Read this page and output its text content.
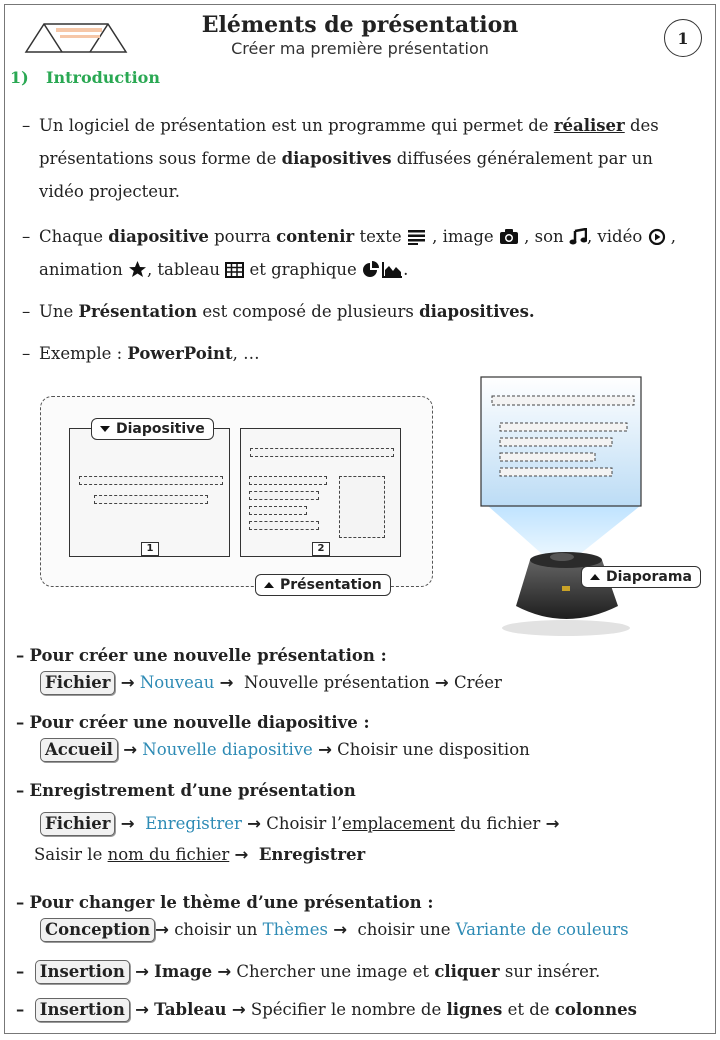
Eléments de présentation
Créer ma première présentation
1
1) Introduction
– Un logiciel de présentation est un programme qui permet de réaliser des présentations sous forme de diapositives diffusées généralement par un vidéo projecteur.
– Chaque diapositive pourra contenir texte  , image  , son , vidéo  , animation , tableau  et graphique .
– Une Présentation est composé de plusieurs diapositives.
– Exemple : PowerPoint, …
1
Diapositive
2
Présentation	Diaporama
– Pour créer une nouvelle présentation :
Fichier → Nouveau → Nouvelle présentation → Créer
– Pour créer une nouvelle diapositive :
Accueil → Nouvelle diapositive → Choisir une disposition
– Enregistrement d’une présentation
Fichier → Enregistrer → Choisir l’emplacement du fichier →
Saisir le nom du fichier → Enregistrer
– Pour changer le thème d’une présentation :
Conception → choisir un Thèmes →  choisir une Variante de couleurs
– Insertion → Image → Chercher une image et cliquer sur insérer.
– Insertion → Tableau → Spécifier le nombre de lignes et de colonnes
